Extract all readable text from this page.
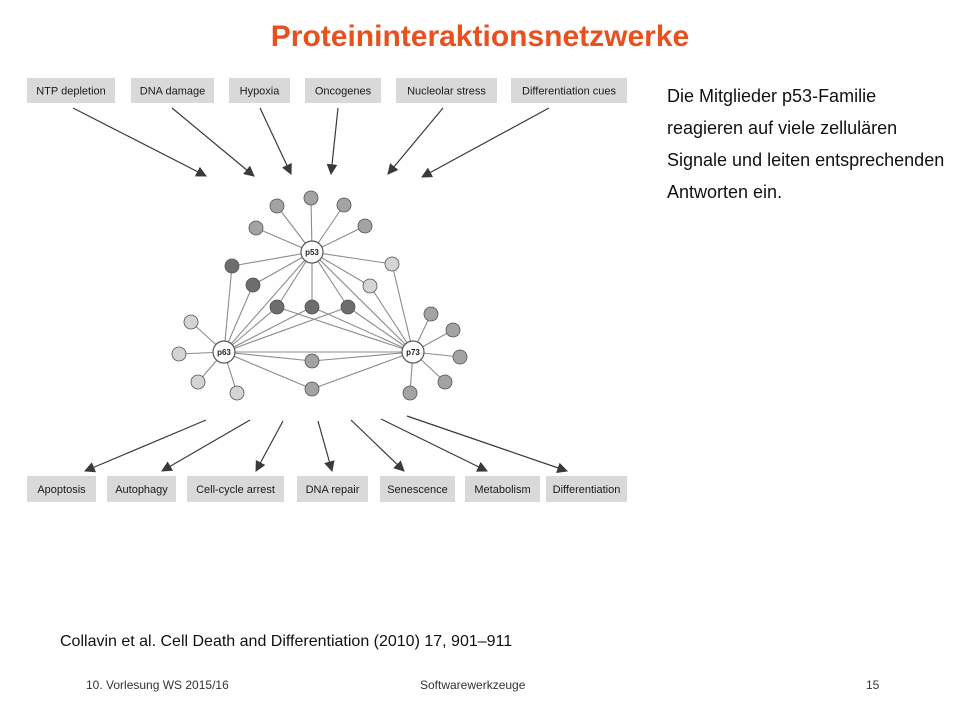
Proteininteraktionsnetzwerke
NTP depletion	DNA damage	Hypoxia	Oncogenes	Nucleolar stress	Differentiation cues
p53
p63	p73
Apoptosis	Autophagy	Cell-cycle arrest	DNA repair	Senescence Metabolism Differentiation
Die Mitglieder p53-Familie reagieren auf viele zellulären Signale und leiten entsprechenden Antworten ein.
Collavin et al. Cell Death and Differentiation (2010) 17, 901–911
10. Vorlesung WS 2015/16	Softwarewerkzeuge	15
